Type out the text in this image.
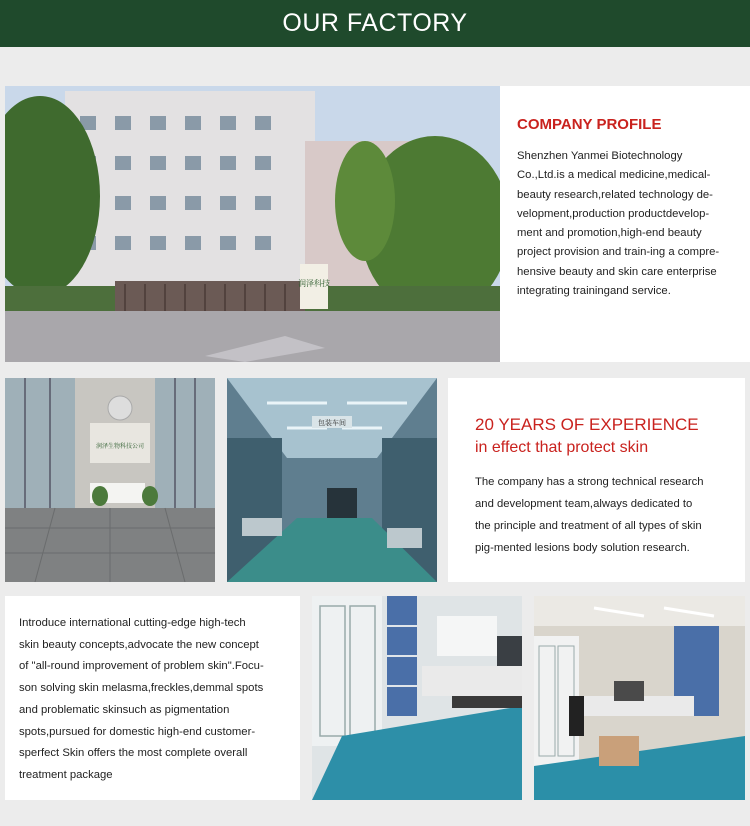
OUR FACTORY
润泽科技
COMPANY PROFILE
Shenzhen Yanmei Biotechnology
Co.,Ltd.is a medical medicine,medical-
beauty research,related technology de-
velopment,production productdevelop-
ment and promotion,high-end beauty
project provision and train-ing a compre-
hensive beauty and skin care enterprise
integrating trainingand service.
润泽生物科技公司
包装车间	20 YEARS OF EXPERIENCE
in effect that protect skin
The company has a strong technical research
and development team,always dedicated to
the principle and treatment of all types of skin
pig-mented lesions body solution research.
Introduce international cutting-edge high-tech
skin beauty concepts,advocate the new concept
of "all-round improvement of problem skin".Focu-
son solving skin melasma,freckles,demmal spots
and problematic skinsuch as pigmentation
spots,pursued for domestic high-end customer-
sperfect Skin offers the most complete overall
treatment package
